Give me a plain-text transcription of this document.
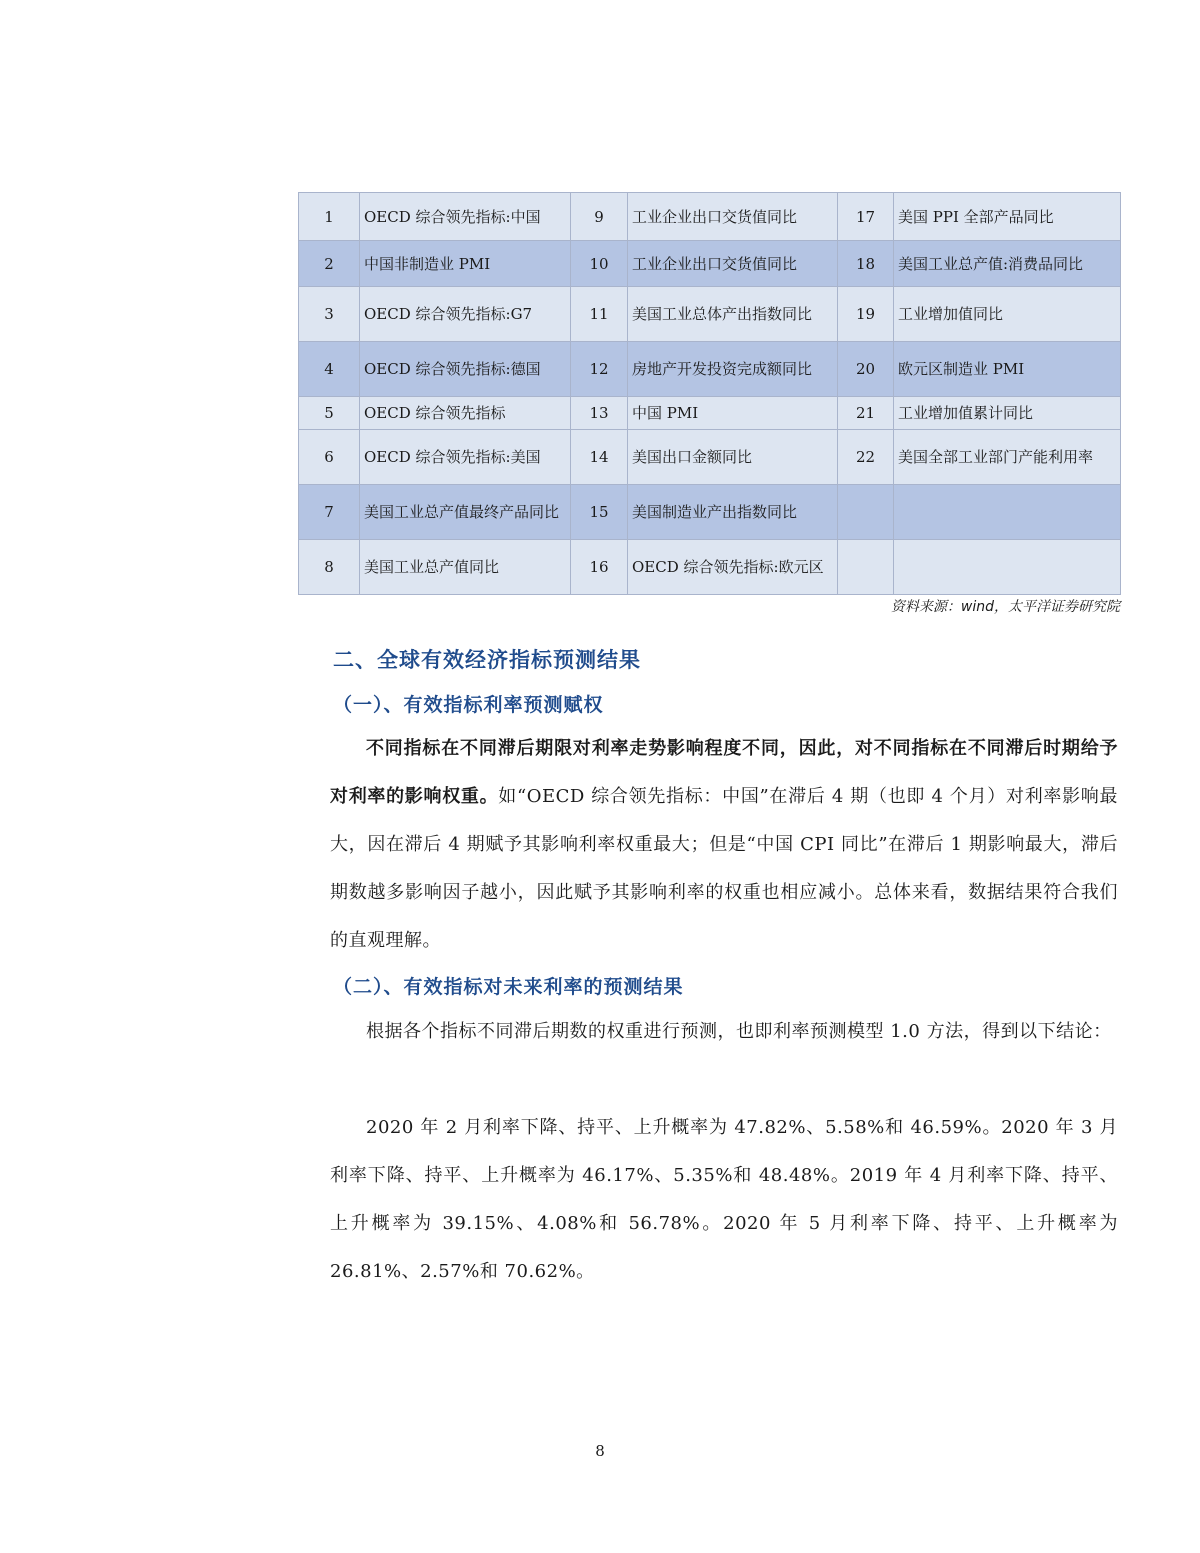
1	OECD 综合领先指标:中国	9	工业企业出口交货值同比	17	美国 PPI 全部产品同比
2	中国非制造业 PMI	10	工业企业出口交货值同比	18	美国工业总产值:消费品同比
3	OECD 综合领先指标:G7	11	美国工业总体产出指数同比	19	工业增加值同比
4	OECD 综合领先指标:德国	12	房地产开发投资完成额同比	20	欧元区制造业 PMI
5	OECD 综合领先指标	13	中国 PMI	21	工业增加值累计同比
6	OECD 综合领先指标:美国	14	美国出口金额同比	22	美国全部工业部门产能利用率
7	美国工业总产值最终产品同比	15	美国制造业产出指数同比		
8	美国工业总产值同比	16	OECD 综合领先指标:欧元区		
资料来源：wind，太平洋证券研究院
二、全球有效经济指标预测结果
（一）、有效指标利率预测赋权
不同指标在不同滞后期限对利率走势影响程度不同，因此，对不同指标在不同滞后时期给予对利率的影响权重。如“OECD 综合领先指标：中国”在滞后 4 期（也即 4 个月）对利率影响最大，因在滞后 4 期赋予其影响利率权重最大；但是“中国 CPI 同比”在滞后 1 期影响最大，滞后期数越多影响因子越小，因此赋予其影响利率的权重也相应减小。总体来看，数据结果符合我们的直观理解。
（二）、有效指标对未来利率的预测结果
根据各个指标不同滞后期数的权重进行预测，也即利率预测模型 1.0 方法，得到以下结论：
2020 年 2 月利率下降、持平、上升概率为 47.82%、5.58%和 46.59%。2020 年 3 月利率下降、持平、上升概率为 46.17%、5.35%和 48.48%。2019 年 4 月利率下降、持平、上升概率为 39.15%、4.08%和 56.78%。2020 年 5 月利率下降、持平、上升概率为 26.81%、2.57%和 70.62%。
8
